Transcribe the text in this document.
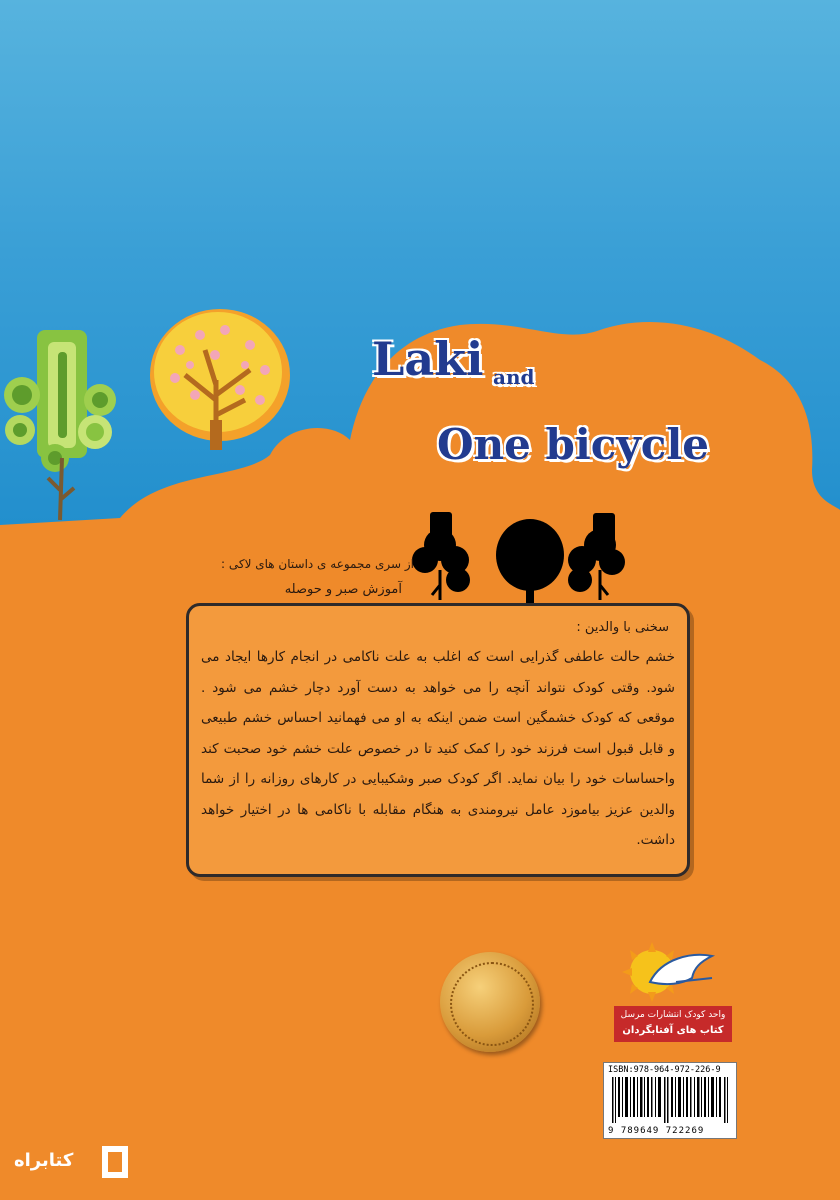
Laki and
One bicycle
از سری مجموعه ی داستان های لاکی :
آموزش صبر و حوصله
سخنی با والدین :
خشم حالت عاطفی گذرایی است که اغلب به علت ناکامی در انجام کارها ایجاد می شود. وقتی کودک نتواند آنچه را می خواهد به دست آورد دچار خشم می شود . موقعی که کودک خشمگین است ضمن اینکه به او می فهمانید احساس خشم طبیعی و قابل قبول است فرزند خود را کمک کنید تا در خصوص علت خشم خود صحبت کند واحساسات خود را بیان نماید. اگر کودک صبر وشکیبایی در کارهای روزانه را از شما والدین عزیز بیاموزد عامل نیرومندی به هنگام مقابله با ناکامی ها در اختیار خواهد داشت.
واحد کودک انتشارات مرسل
کتاب های آفتابگردان
ISBN:978-964-972-226-9
9 789649 722269
کتابراه
